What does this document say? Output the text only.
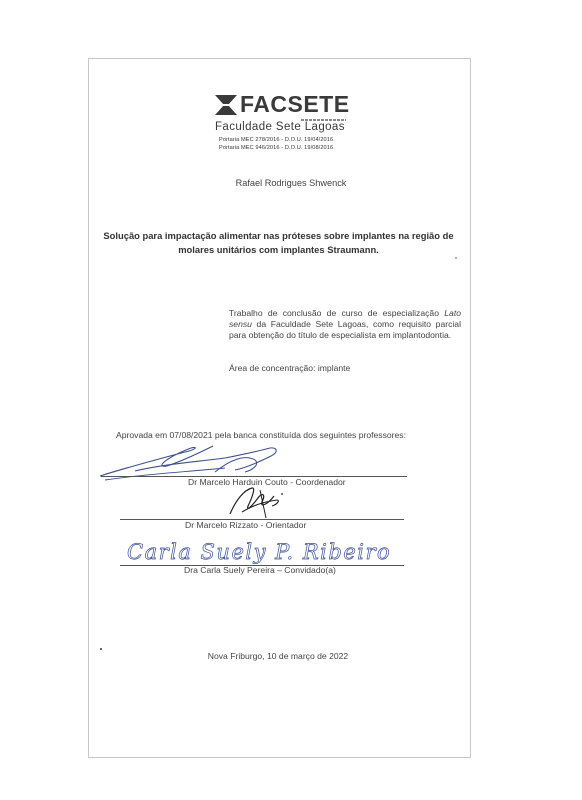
FACSETE
Faculdade Sete Lagoas
Portaria MEC 278/2016 - D.O.U. 19/04/2016
Portaria MEC 946/2016 - D.O.U. 19/08/2016
Rafael Rodrigues Shwenck
Solução para impactação alimentar nas próteses sobre implantes na região de
molares unitários com implantes Straumann.
Trabalho de conclusão de curso de especialização Lato sensu da Faculdade Sete Lagoas, como requisito parcial para obtenção do título de especialista em implantodontia.
Área de concentração: implante
Aprovada em 07/08/2021 pela banca constituída dos seguintes professores:
Dr Marcelo Harduin Couto - Coordenador
Dr Marcelo Rizzato - Orientador
Carla Suely P. Ribeiro
Dra Carla Suely Pereira – Convidado(a)
Nova Friburgo, 10 de março de 2022
